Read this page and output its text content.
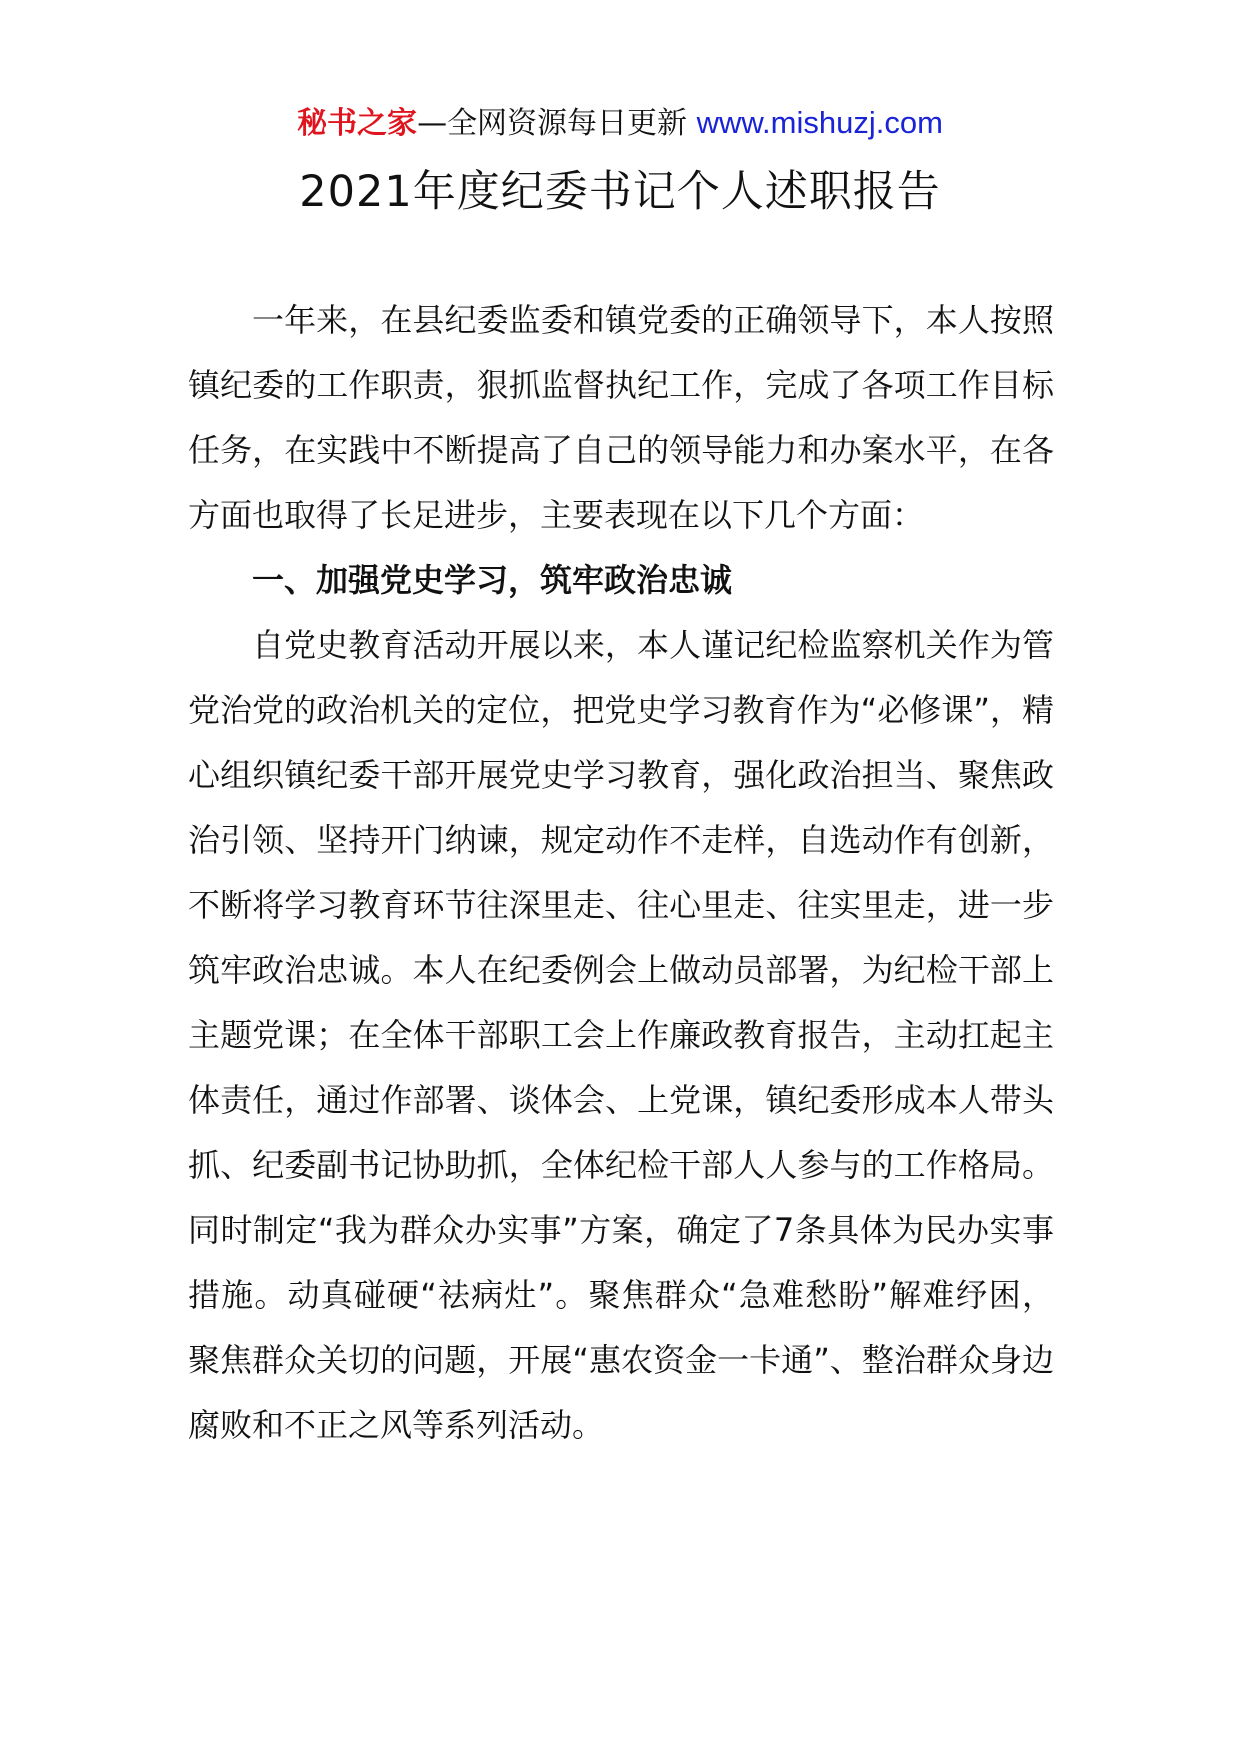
秘书之家—全网资源每日更新 www.mishuzj.com
2021年度纪委书记个人述职报告

一年来，在县纪委监委和镇党委的正确领导下，本人按照镇纪委的工作职责，狠抓监督执纪工作，完成了各项工作目标任务，在实践中不断提高了自己的领导能力和办案水平，在各方面也取得了长足进步，主要表现在以下几个方面：

一、加强党史学习，筑牢政治忠诚

自党史教育活动开展以来，本人谨记纪检监察机关作为管党治党的政治机关的定位，把党史学习教育作为“必修课”，精心组织镇纪委干部开展党史学习教育，强化政治担当、聚焦政治引领、坚持开门纳谏，规定动作不走样，自选动作有创新，不断将学习教育环节往深里走、往心里走、往实里走，进一步筑牢政治忠诚。本人在纪委例会上做动员部署，为纪检干部上主题党课；在全体干部职工会上作廉政教育报告，主动扛起主体责任，通过作部署、谈体会、上党课，镇纪委形成本人带头抓、纪委副书记协助抓，全体纪检干部人人参与的工作格局。同时制定“我为群众办实事”方案，确定了7条具体为民办实事措施。动真碰硬“祛病灶”。聚焦群众“急难愁盼”解难纾困，聚焦群众关切的问题，开展“惠农资金一卡通”、整治群众身边腐败和不正之风等系列活动。
